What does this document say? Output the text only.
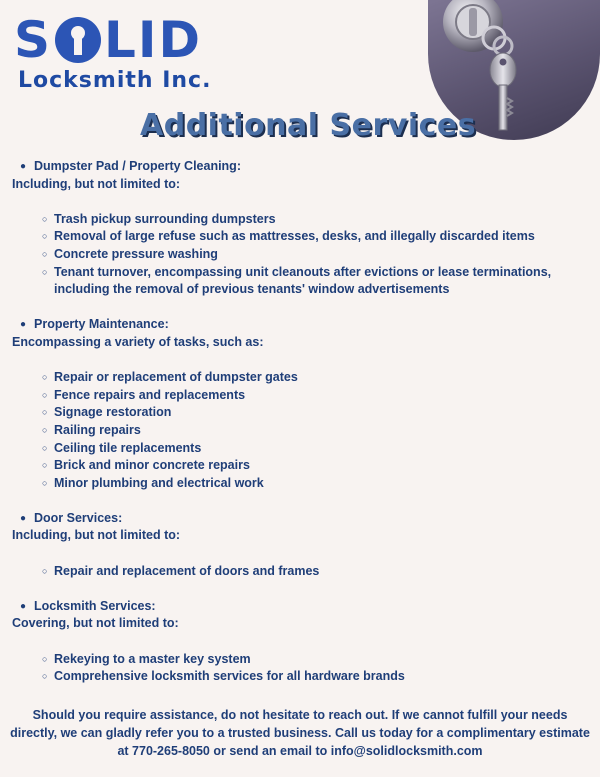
S L I D
Locksmith Inc.
Additional Services
● Dumpster Pad / Property Cleaning:
Including, but not limited to:
○ Trash pickup surrounding dumpsters
○ Removal of large refuse such as mattresses, desks, and illegally discarded items
○ Concrete pressure washing
○ Tenant turnover, encompassing unit cleanouts after evictions or lease terminations, including the removal of previous tenants' window advertisements
● Property Maintenance:
Encompassing a variety of tasks, such as:
○ Repair or replacement of dumpster gates
○ Fence repairs and replacements
○ Signage restoration
○ Railing repairs
○ Ceiling tile replacements
○ Brick and minor concrete repairs
○ Minor plumbing and electrical work
● Door Services:
Including, but not limited to:
○ Repair and replacement of doors and frames
● Locksmith Services:
Covering, but not limited to:
○ Rekeying to a master key system
○ Comprehensive locksmith services for all hardware brands
Should you require assistance, do not hesitate to reach out. If we cannot fulfill your needs directly, we can gladly refer you to a trusted business. Call us today for a complimentary estimate at 770-265-8050 or send an email to info@solidlocksmith.com
